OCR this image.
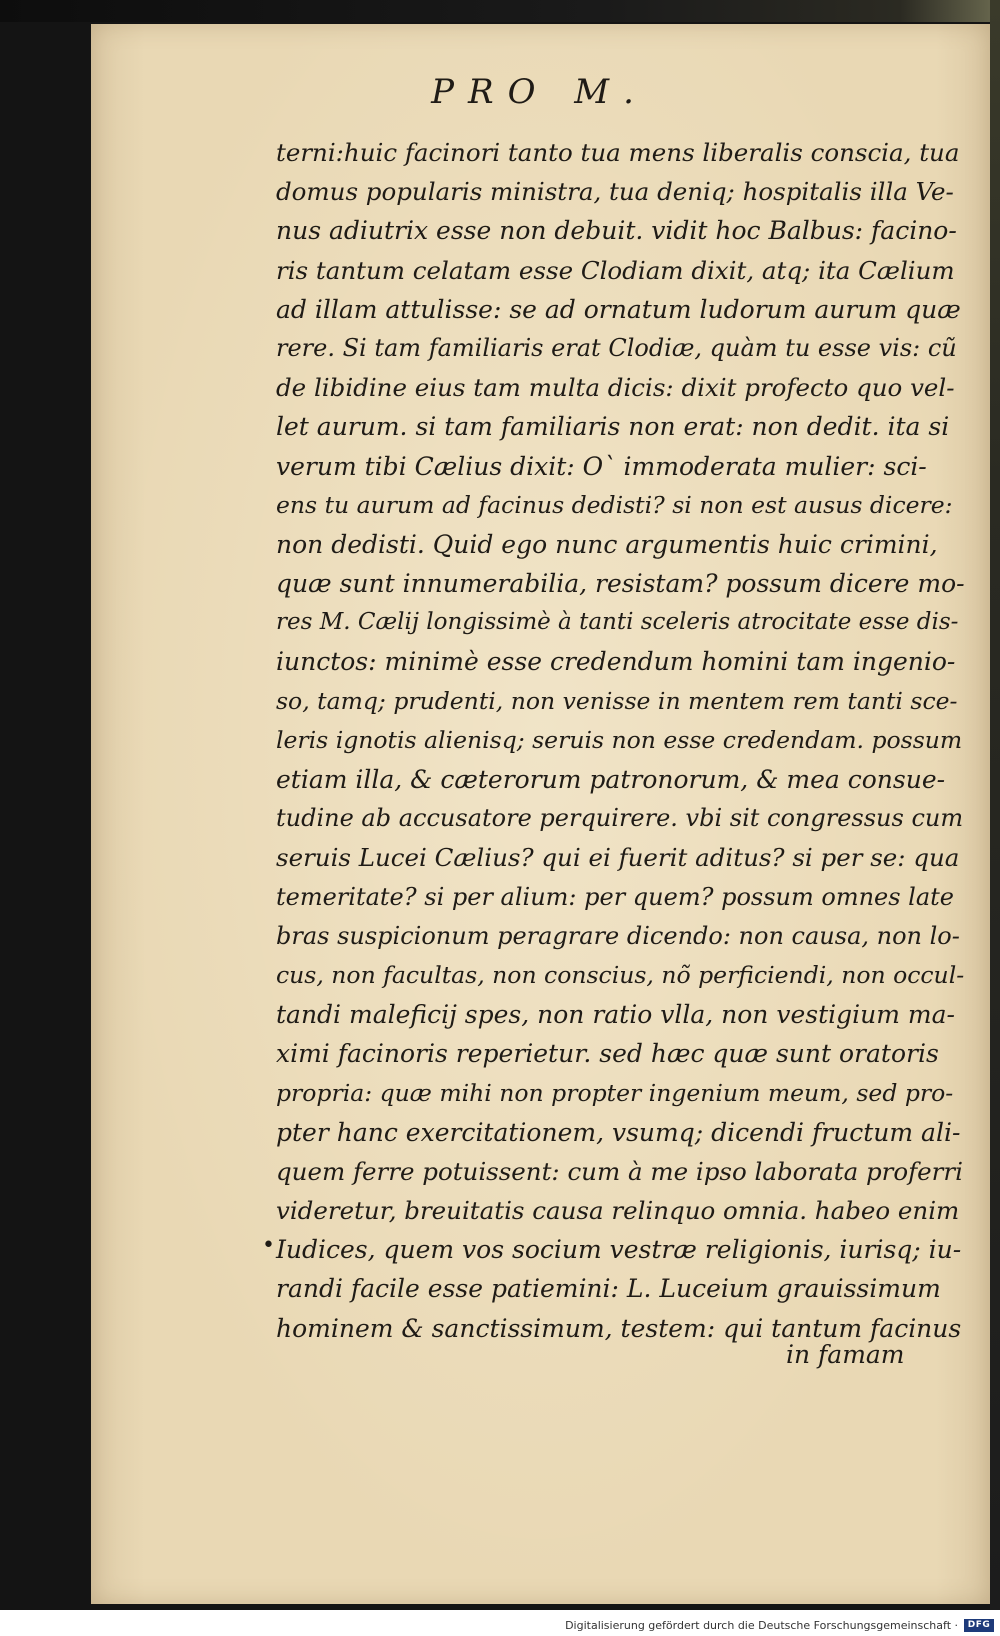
PRO M.
terni:huic facinori tanto tua mens liberalis conscia, tua
domus popularis ministra, tua deniq; hospitalis illa Ve-
nus adiutrix esse non debuit. vidit hoc Balbus: facino-
ris tantum celatam esse Clodiam dixit, atq; ita Cælium
ad illam attulisse: se ad ornatum ludorum aurum quæ
rere. Si tam familiaris erat Clodiæ, quàm tu esse vis: cũ
de libidine eius tam multa dicis: dixit profecto quo vel-
let aurum. si tam familiaris non erat: non dedit. ita si
verum tibi Cælius dixit: O` immoderata mulier: sci-
ens tu aurum ad facinus dedisti? si non est ausus dicere:
non dedisti. Quid ego nunc argumentis huic crimini,
quæ sunt innumerabilia, resistam? possum dicere mo-
res M. Cælij longissimè à tanti sceleris atrocitate esse dis-
iunctos: minimè esse credendum homini tam ingenio-
so, tamq; prudenti, non venisse in mentem rem tanti sce-
leris ignotis alienisq; seruis non esse credendam. possum
etiam illa, & cæterorum patronorum, & mea consue-
tudine ab accusatore perquirere. vbi sit congressus cum
seruis Lucei Cælius? qui ei fuerit aditus? si per se: qua
temeritate? si per alium: per quem? possum omnes late
bras suspicionum peragrare dicendo: non causa, non lo-
cus, non facultas, non conscius, nõ perficiendi, non occul-
tandi maleficij spes, non ratio vlla, non vestigium ma-
ximi facinoris reperietur. sed hæc quæ sunt oratoris
propria: quæ mihi non propter ingenium meum, sed pro-
pter hanc exercitationem, vsumq; dicendi fructum ali-
quem ferre potuissent: cum à me ipso laborata proferri
videretur, breuitatis causa relinquo omnia. habeo enim
Iudices, quem vos socium vestræ religionis, iurisq; iu-
randi facile esse patiemini: L. Luceium grauissimum
hominem & sanctissimum, testem: qui tantum facinus
•
in famam
Digitalisierung gefördert durch die Deutsche Forschungsgemeinschaft ·	DFG
